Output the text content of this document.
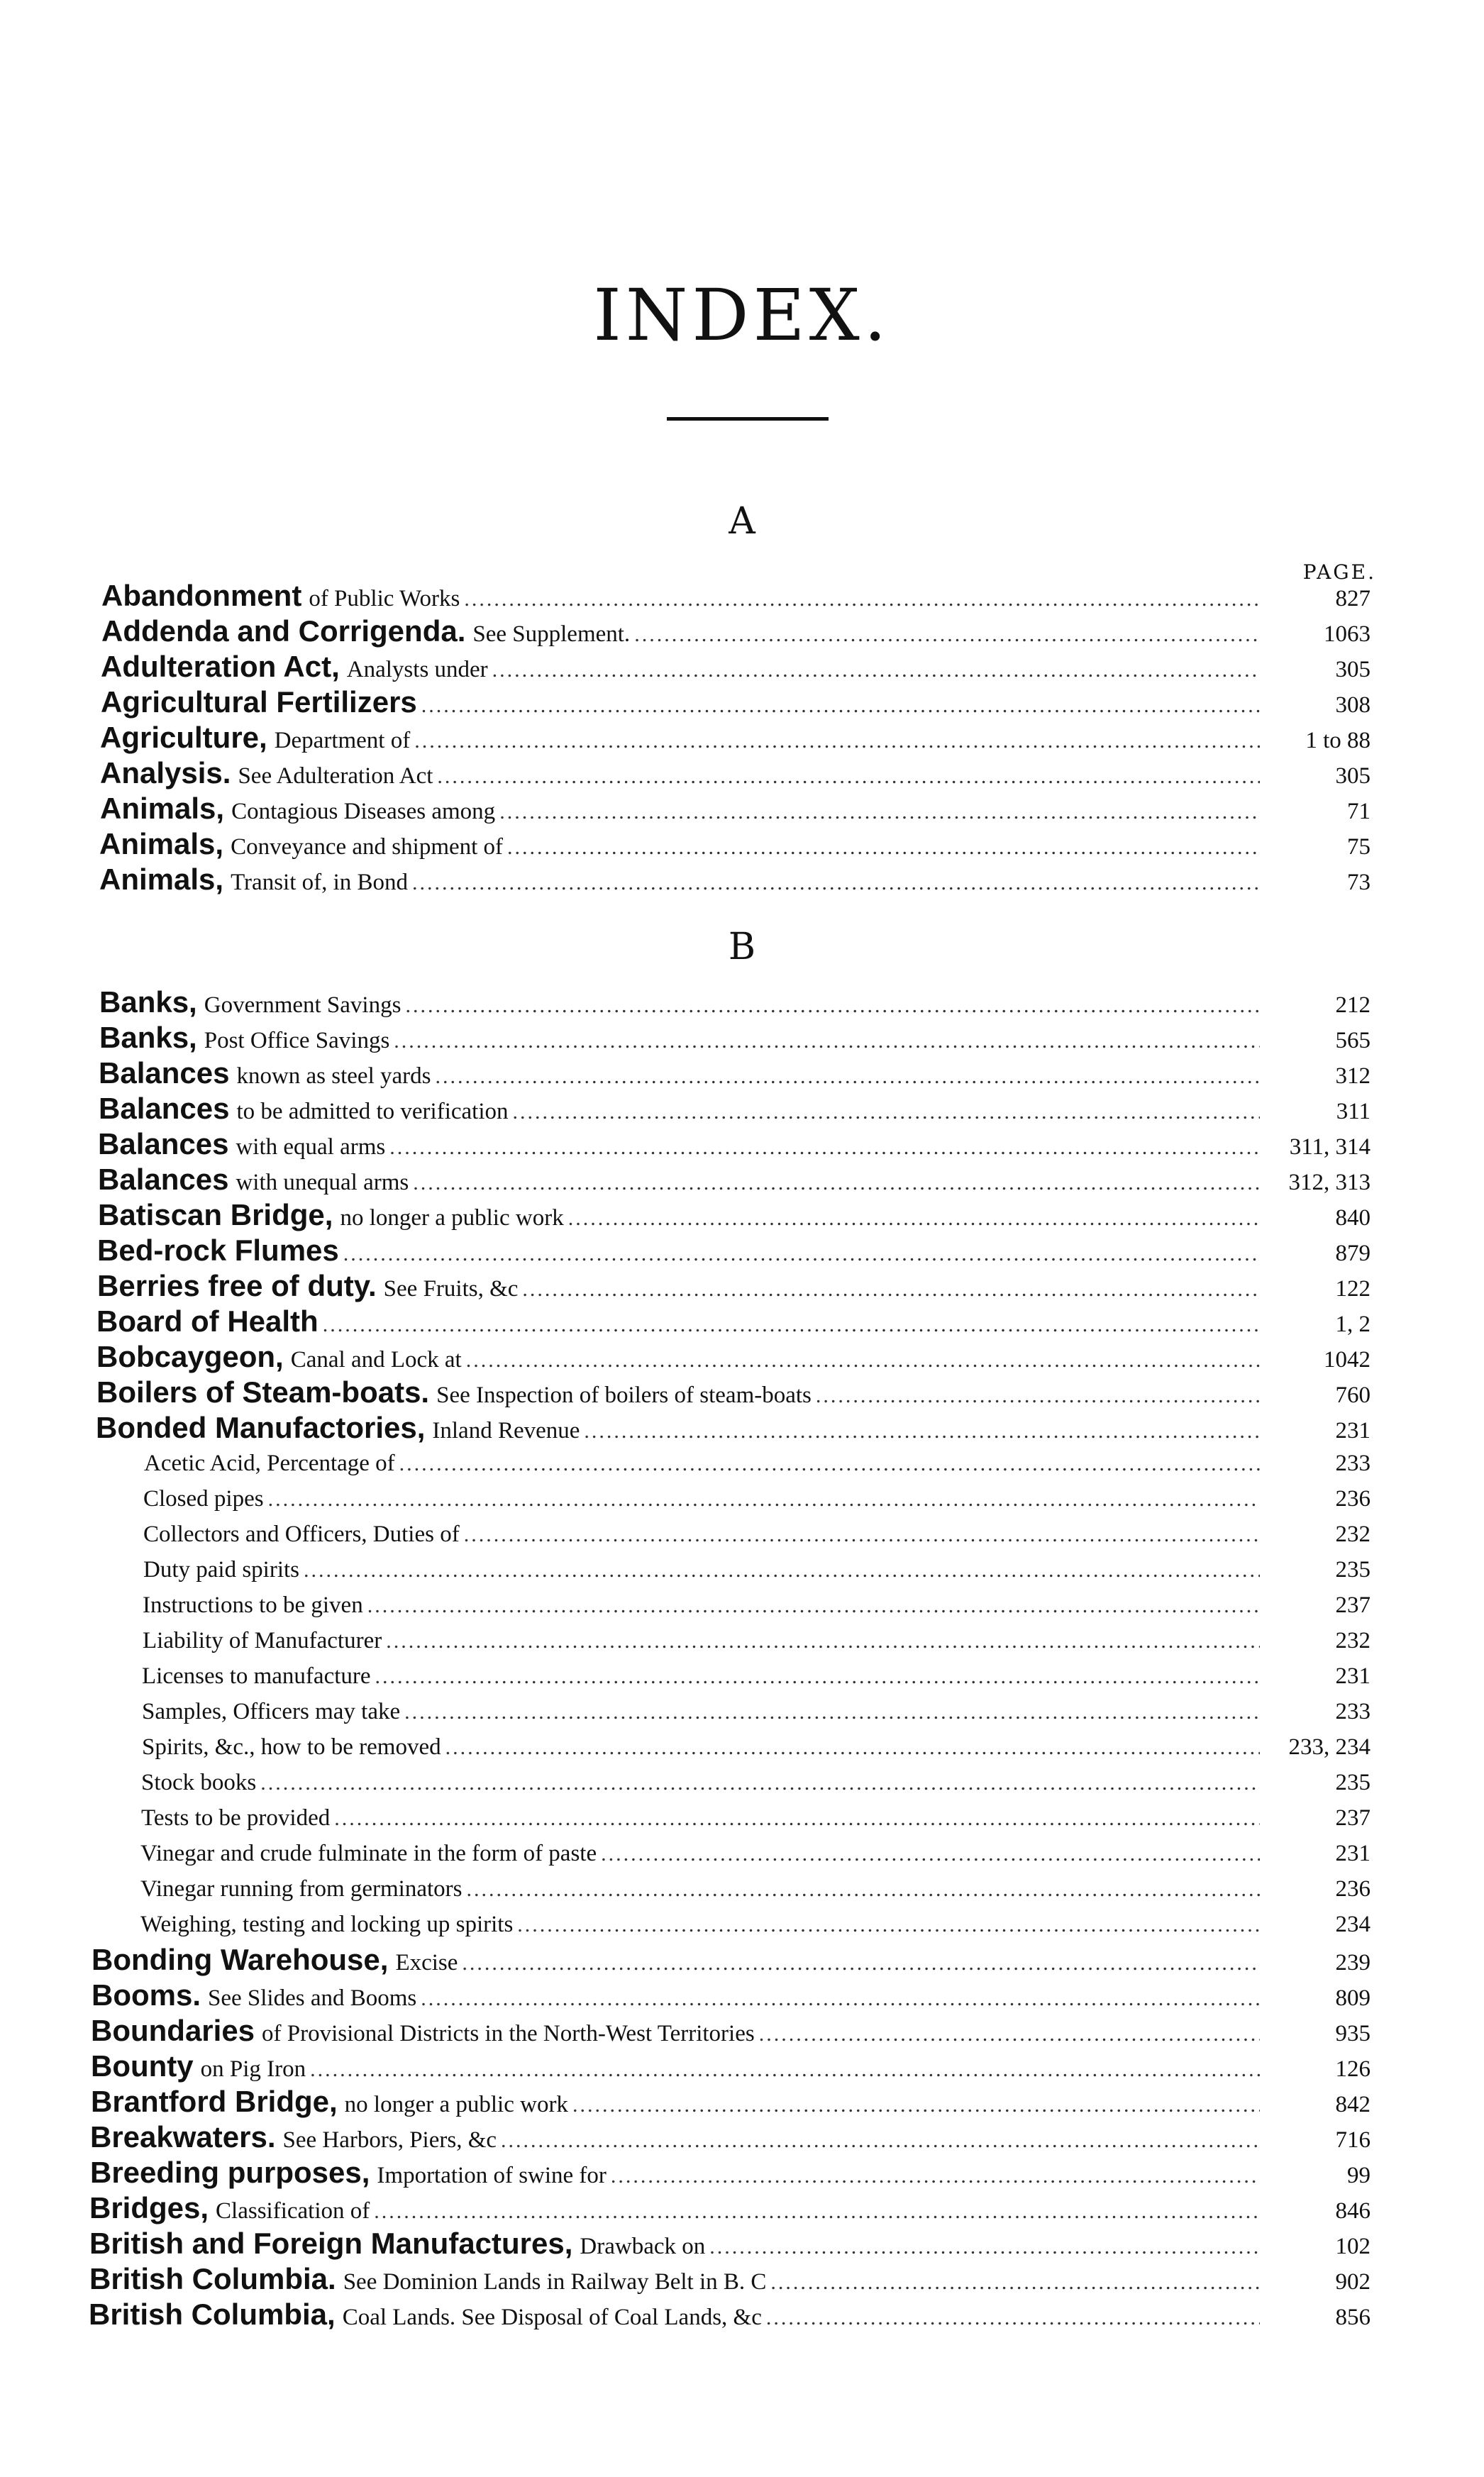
INDEX.
A
PAGE.
Abandonment of Public Works .....	827
Addenda and Corrigenda. See Supplement. .....	1063
Adulteration Act, Analysts under .....	305
Agricultural Fertilizers .....	308
Agriculture, Department of .....	1 to 88
Analysis. See Adulteration Act .....	305
Animals, Contagious Diseases among .....	71
Animals, Conveyance and shipment of .....	75
Animals, Transit of, in Bond .....	73
B
Banks, Government Savings .....	212
Banks, Post Office Savings .....	565
Balances known as steel yards .....	312
Balances to be admitted to verification .....	311
Balances with equal arms .....	311, 314
Balances with unequal arms .....	312, 313
Batiscan Bridge, no longer a public work .....	840
Bed-rock Flumes .....	879
Berries free of duty. See Fruits, &c .....	122
Board of Health .....	1, 2
Bobcaygeon, Canal and Lock at .....	1042
Boilers of Steam-boats. See Inspection of boilers of steam-boats .....	760
Bonded Manufactories, Inland Revenue .....	231
Acetic Acid, Percentage of .....	233
Closed pipes .....	236
Collectors and Officers, Duties of .....	232
Duty paid spirits .....	235
Instructions to be given .....	237
Liability of Manufacturer .....	232
Licenses to manufacture .....	231
Samples, Officers may take .....	233
Spirits, &c., how to be removed .....	233, 234
Stock books .....	235
Tests to be provided .....	237
Vinegar and crude fulminate in the form of paste .....	231
Vinegar running from germinators .....	236
Weighing, testing and locking up spirits .....	234
Bonding Warehouse, Excise .....	239
Booms. See Slides and Booms .....	809
Boundaries of Provisional Districts in the North-West Territories .....	935
Bounty on Pig Iron .....	126
Brantford Bridge, no longer a public work .....	842
Breakwaters. See Harbors, Piers, &c .....	716
Breeding purposes, Importation of swine for .....	99
Bridges, Classification of .....	846
British and Foreign Manufactures, Drawback on .....	102
British Columbia. See Dominion Lands in Railway Belt in B. C .....	902
British Columbia, Coal Lands. See Disposal of Coal Lands, &c .....	856
